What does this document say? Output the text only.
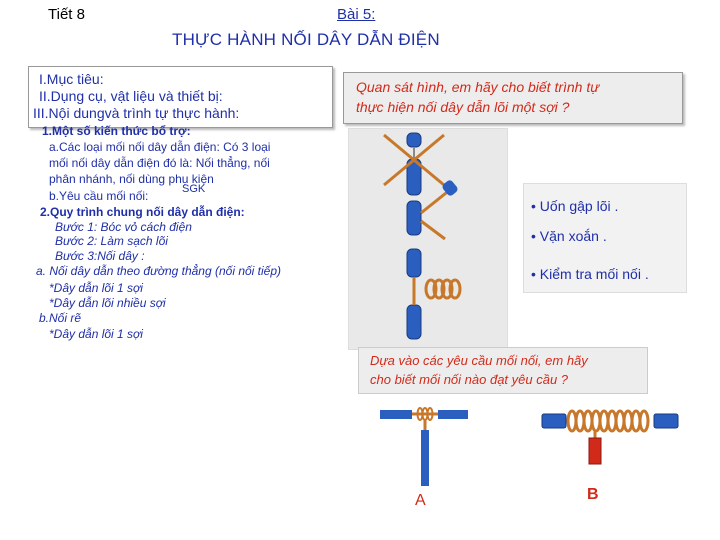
Tiết 8	Bài 5:
THỰC HÀNH NỐI DÂY DẪN ĐIỆN
I.Mục tiêu:
II.Dụng cụ, vật liệu và thiết bị:
III.Nội dungvà trình tự thực hành:
1.Một số kiến thức bổ trợ:
a.Các loại mối nối dây dẫn điện: Có 3 loại
mối nối dây dẫn điện đó là: Nối thẳng, nối
phân nhánh, nối dùng phụ kiện
b.Yêu cầu mối nối:	SGK
2.Quy trình chung nối dây dẫn điện:
Bước 1: Bóc vỏ cách điện
Bước 2: Làm sạch lõi
Bước 3:Nối dây :
a. Nối dây dẫn theo đường thẳng (nối nối tiếp)
*Dây dẫn lõi 1 sợi
*Dây dẫn lõi nhiều sợi
b.Nối rẽ
*Dây dẫn lõi 1 sợi
Quan sát hình, em hãy cho biết trình tự
thực hiện nối dây dẫn lõi một sợi ?
• Uốn gập lõi .
• Vặn xoắn .
• Kiểm tra mối nối .
Dựa vào các yêu cầu mối nối, em hãy
cho biết mối nối nào đạt yêu cầu ?
A	B
